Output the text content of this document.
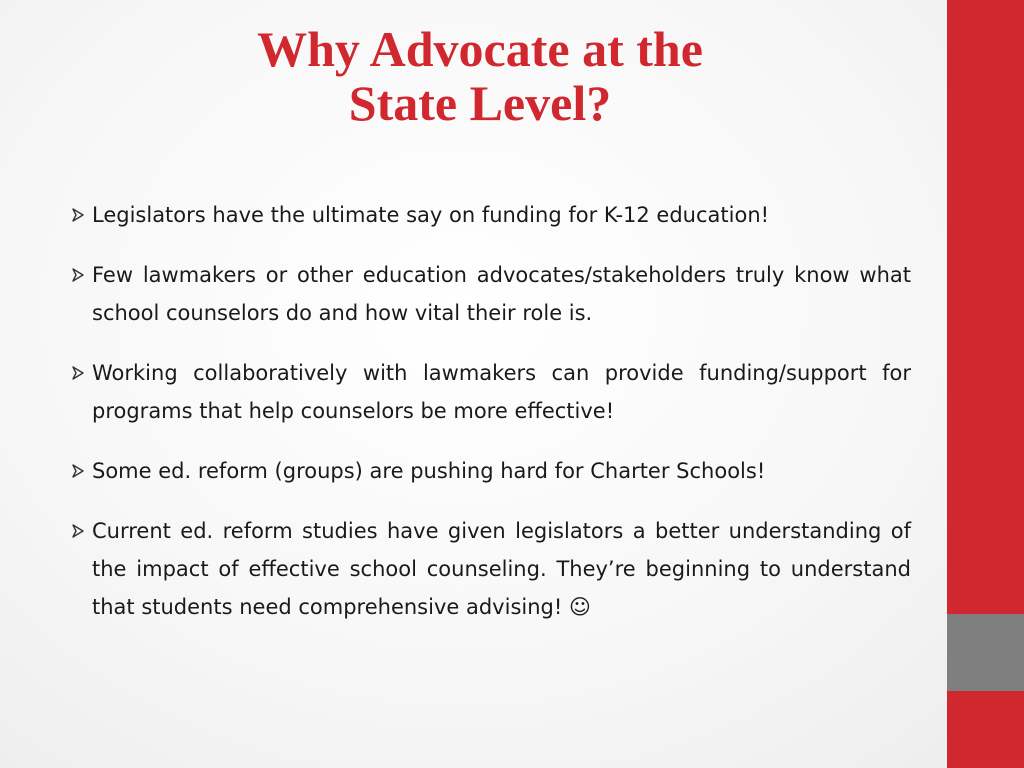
Why Advocate at the
State Level?
Legislators have the ultimate say on funding for K-12 education!
Few lawmakers or other education advocates/stakeholders truly know what school counselors do and how vital their role is.
Working collaboratively with lawmakers can provide funding/support for programs that help counselors be more effective!
Some ed. reform (groups) are pushing hard for Charter Schools!
Current ed. reform studies have given legislators a better understanding of the impact of effective school counseling. They’re beginning to understand that students need comprehensive advising! ☺
